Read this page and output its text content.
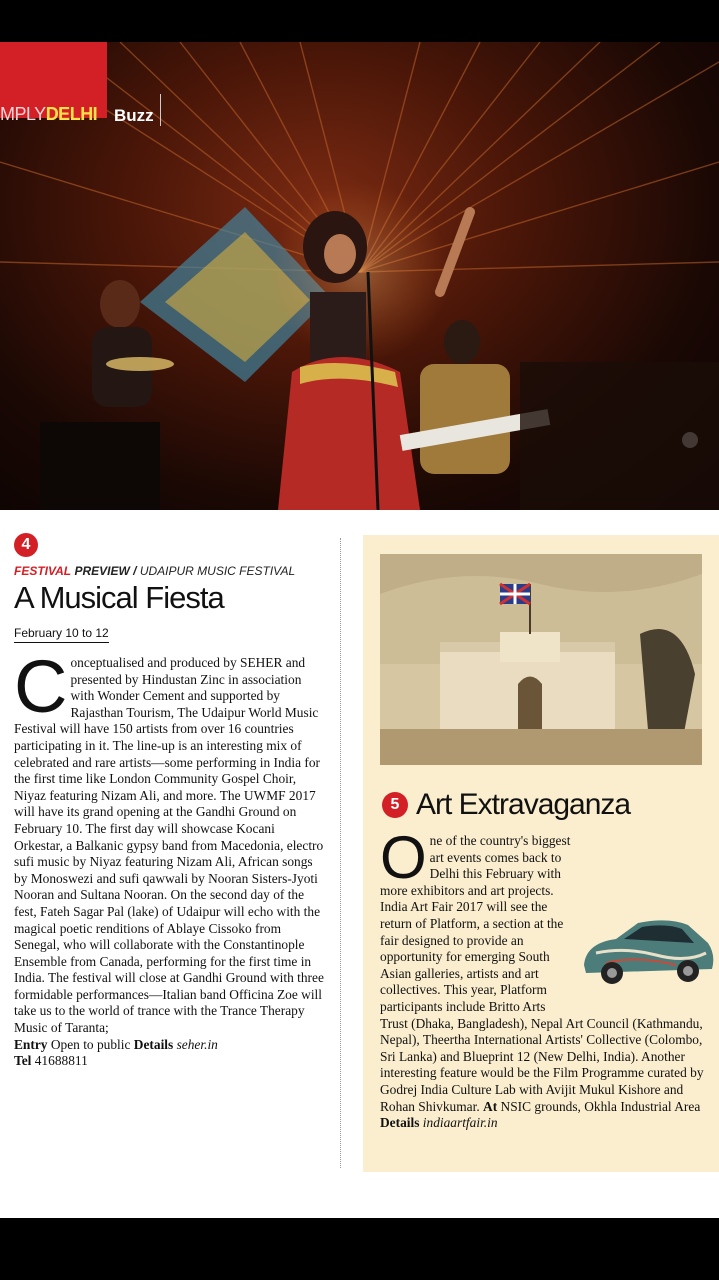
MPLYDELHI Buzz
4
FESTIVAL PREVIEW / UDAIPUR MUSIC FESTIVAL
A Musical Fiesta
February 10 to 12
Conceptualised and produced by SEHER and presented by Hindustan Zinc in association with Wonder Cement and supported by Rajasthan Tourism, The Udaipur World Music Festival will have 150 artists from over 16 countries participating in it. The line-up is an interesting mix of celebrated and rare artists—some performing in India for the first time like London Community Gospel Choir, Niyaz featuring Nizam Ali, and more. The UWMF 2017 will have its grand opening at the Gandhi Ground on February 10. The first day will showcase Kocani Orkestar, a Balkanic gypsy band from Macedonia, electro sufi music by Niyaz featuring Nizam Ali, African songs by Monoswezi and sufi qawwali by Nooran Sisters-Jyoti Nooran and Sultana Nooran. On the second day of the fest, Fateh Sagar Pal (lake) of Udaipur will echo with the magical poetic renditions of Ablaye Cissoko from Senegal, who will collaborate with the Constantinople Ensemble from Canada, performing for the first time in India. The festival will close at Gandhi Ground with three formidable performances—Italian band Officina Zoe will take us to the world of trance with the Trance Therapy Music of Taranta;
Entry Open to public Details seher.in
Tel 41688811
5 Art Extravaganza
One of the country's biggest art events comes back to Delhi this February with more exhibitors and art projects. India Art Fair 2017 will see the return of Platform, a section at the fair designed to provide an opportunity for emerging South Asian galleries, artists and art collectives. This year, Platform participants include Britto Arts Trust (Dhaka, Bangladesh), Nepal Art Council (Kathmandu, Nepal), Theertha International Artists' Collective (Colombo, Sri Lanka) and Blueprint 12 (New Delhi, India). Another interesting feature would be the Film Programme curated by Godrej India Culture Lab with Avijit Mukul Kishore and Rohan Shivkumar. At NSIC grounds, Okhla Industrial Area Details indiaartfair.in
